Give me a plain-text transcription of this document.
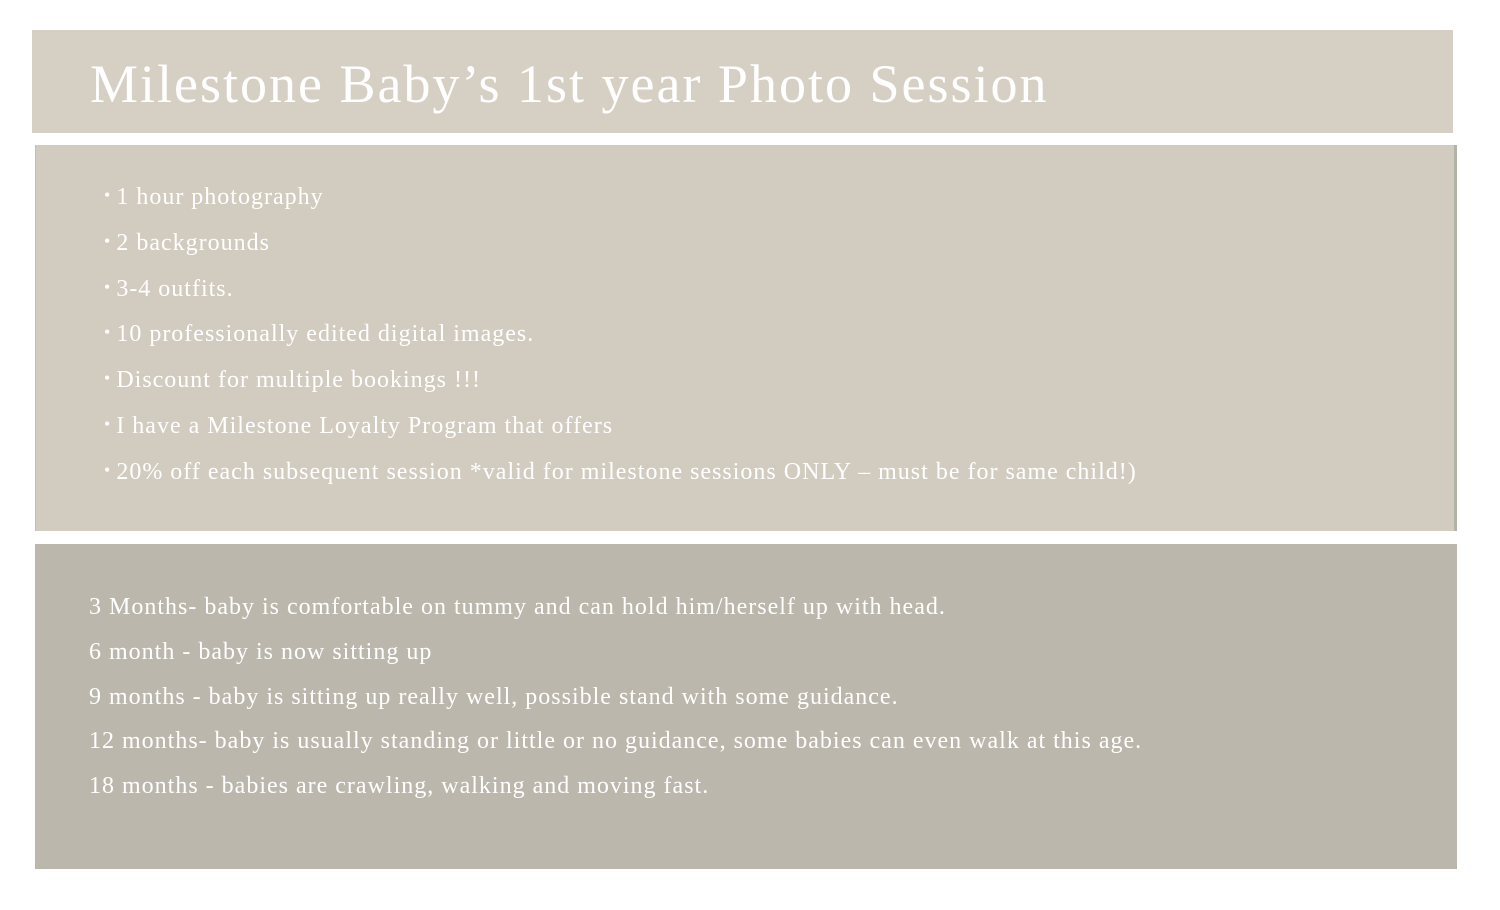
Milestone Baby’s 1st year Photo Session
• 1 hour photography
• 2 backgrounds
• 3-4 outfits.
• 10 professionally edited digital images.
• Discount for multiple bookings !!!
• I have a Milestone Loyalty Program that offers
• 20% off each subsequent session *valid for milestone sessions ONLY – must be for same child!)
3 Months- baby is comfortable on tummy and can hold him/herself up with head.
6 month - baby is now sitting up
9 months - baby is sitting up really well, possible stand with some guidance.
12 months- baby is usually standing or little or no guidance, some babies can even walk at this age.
18 months - babies are crawling, walking and moving fast.
